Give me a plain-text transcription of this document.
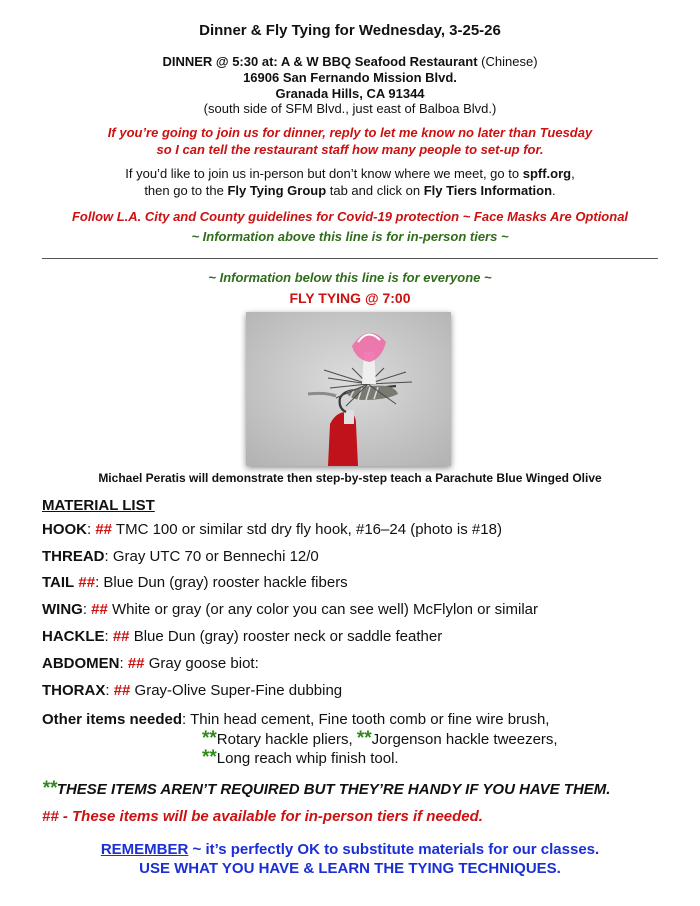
Dinner & Fly Tying for Wednesday, 3-25-26
DINNER @ 5:30 at: A & W BBQ Seafood Restaurant (Chinese)
16906 San Fernando Mission Blvd.
Granada Hills, CA 91344
(south side of SFM Blvd., just east of Balboa Blvd.)
If you’re going to join us for dinner, reply to let me know no later than Tuesday
so I can tell the restaurant staff how many people to set-up for.
If you’d like to join us in-person but don’t know where we meet, go to spff.org,
then go to the Fly Tying Group tab and click on Fly Tiers Information.
Follow L.A. City and County guidelines for Covid-19 protection ~ Face Masks Are Optional
~ Information above this line is for in-person tiers ~
~ Information below this line is for everyone ~
FLY TYING @ 7:00
Michael Peratis will demonstrate then step-by-step teach a Parachute Blue Winged Olive
MATERIAL LIST
HOOK: ## TMC 100 or similar std dry fly hook, #16–24 (photo is #18)
THREAD: Gray UTC 70 or Bennechi 12/0
TAIL ##: Blue Dun (gray) rooster hackle fibers
WING: ## White or gray (or any color you can see well) McFlylon or similar
HACKLE: ## Blue Dun (gray) rooster neck or saddle feather
ABDOMEN: ## Gray goose biot:
THORAX: ## Gray-Olive Super-Fine dubbing
Other items needed: Thin head cement, Fine tooth comb or fine wire brush,
**Rotary hackle pliers, **Jorgenson hackle tweezers,
**Long reach whip finish tool.
**THESE ITEMS AREN’T REQUIRED BUT THEY’RE HANDY IF YOU HAVE THEM.
## - These items will be available for in-person tiers if needed.
REMEMBER ~ it’s perfectly OK to substitute materials for our classes.
USE WHAT YOU HAVE & LEARN THE TYING TECHNIQUES.
